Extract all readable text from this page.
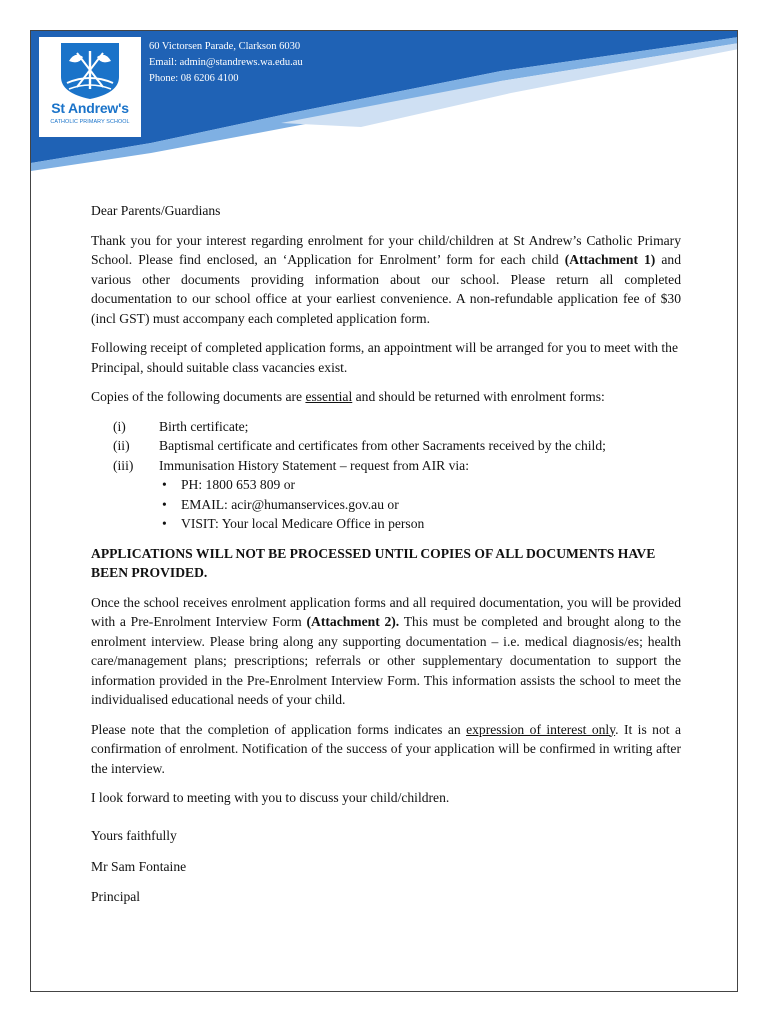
St Andrew's
CATHOLIC PRIMARY SCHOOL
60 Victorsen Parade, Clarkson 6030
Email: admin@standrews.wa.edu.au
Phone: 08 6206 4100

Dear Parents/Guardians

Thank you for your interest regarding enrolment for your child/children at St Andrew’s Catholic Primary School. Please find enclosed, an ‘Application for Enrolment’ form for each child (Attachment 1) and various other documents providing information about our school. Please return all completed documentation to our school office at your earliest convenience. A non-refundable application fee of $30 (incl GST) must accompany each completed application form.

Following receipt of completed application forms, an appointment will be arranged for you to meet with the Principal, should suitable class vacancies exist.

Copies of the following documents are essential and should be returned with enrolment forms:

(i) Birth certificate;
(ii) Baptismal certificate and certificates from other Sacraments received by the child;
(iii) Immunisation History Statement – request from AIR via:
• PH: 1800 653 809 or
• EMAIL: acir@humanservices.gov.au or
• VISIT: Your local Medicare Office in person

APPLICATIONS WILL NOT BE PROCESSED UNTIL COPIES OF ALL DOCUMENTS HAVE BEEN PROVIDED.

Once the school receives enrolment application forms and all required documentation, you will be provided with a Pre-Enrolment Interview Form (Attachment 2). This must be completed and brought along to the enrolment interview. Please bring along any supporting documentation – i.e. medical diagnosis/es; health care/management plans; prescriptions; referrals or other supplementary documentation to support the information provided in the Pre-Enrolment Interview Form. This information assists the school to meet the individualised educational needs of your child.

Please note that the completion of application forms indicates an expression of interest only. It is not a confirmation of enrolment. Notification of the success of your application will be confirmed in writing after the interview.

I look forward to meeting with you to discuss your child/children.

Yours faithfully

Mr Sam Fontaine

Principal
